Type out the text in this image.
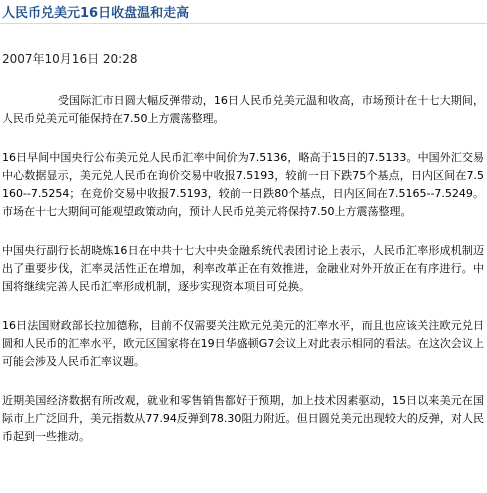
人民币兑美元16日收盘温和走高
2007年10月16日 20:28

受国际汇市日圆大幅反弹带动，16日人民币兑美元温和收高，市场预计在十七大期间，人民币兑美元可能保持在7.50上方震荡整理。

16日早间中国央行公布美元兑人民币汇率中间价为7.5136，略高于15日的7.5133。中国外汇交易中心数据显示，美元兑人民币在询价交易中收报7.5193，较前一日下跌75个基点，日内区间在7.5160--7.5254；在竞价交易中收报7.5193，较前一日跌80个基点，日内区间在7.5165--7.5249。市场在十七大期间可能观望政策动向，预计人民币兑美元将保持7.50上方震荡整理。

中国央行副行长胡晓炼16日在中共十七大中央金融系统代表团讨论上表示，人民币汇率形成机制迈出了重要步伐，汇率灵活性正在增加，利率改革正在有效推进，金融业对外开放正在有序进行。中国将继续完善人民币汇率形成机制，逐步实现资本项目可兑换。

16日法国财政部长拉加德称，目前不仅需要关注欧元兑美元的汇率水平，而且也应该关注欧元兑日圆和人民币的汇率水平，欧元区国家将在19日华盛顿G7会议上对此表示相同的看法。在这次会议上可能会涉及人民币汇率议题。

近期美国经济数据有所改观，就业和零售销售都好于预期，加上技术因素驱动，15日以来美元在国际市上广泛回升，美元指数从77.94反弹到78.30阻力附近。但日圆兑美元出现较大的反弹，对人民币起到一些推动。
